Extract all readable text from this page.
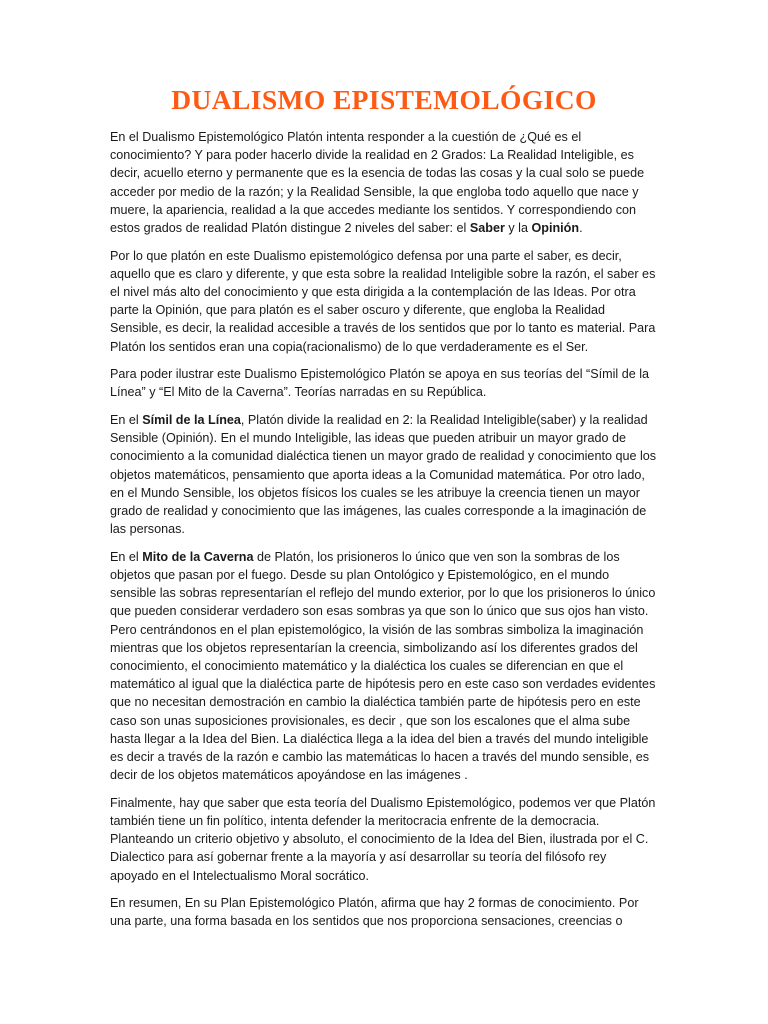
DUALISMO EPISTEMOLÓGICO

En el Dualismo Epistemológico Platón intenta responder a la cuestión de ¿Qué es el conocimiento? Y para poder hacerlo divide la realidad en 2 Grados: La Realidad Inteligible, es decir, acuello eterno y permanente que es la esencia de todas las cosas y la cual solo se puede acceder por medio de la razón; y la Realidad Sensible, la que engloba todo aquello que nace y muere, la apariencia, realidad a la que accedes mediante los sentidos. Y correspondiendo con estos grados de realidad Platón distingue 2 niveles del saber: el Saber y la Opinión.

Por lo que platón en este Dualismo epistemológico defensa por una parte el saber, es decir, aquello que es claro y diferente, y que esta sobre la realidad Inteligible sobre la razón, el saber es el nivel más alto del conocimiento y que esta dirigida a la contemplación de las Ideas. Por otra parte la Opinión, que para platón es el saber oscuro y diferente, que engloba la Realidad Sensible, es decir, la realidad accesible a través de los sentidos que por lo tanto es material. Para Platón los sentidos eran una copia(racionalismo) de lo que verdaderamente es el Ser.

Para poder ilustrar este Dualismo Epistemológico Platón se apoya en sus teorías del “Símil de la Línea” y “El Mito de la Caverna”. Teorías narradas en su República.

En el Símil de la Línea, Platón divide la realidad en 2: la Realidad Inteligible(saber) y la realidad Sensible (Opinión). En el mundo Inteligible, las ideas que pueden atribuir un mayor grado de conocimiento a la comunidad dialéctica tienen un mayor grado de realidad y conocimiento que los objetos matemáticos, pensamiento que aporta ideas a la Comunidad matemática. Por otro lado, en el Mundo Sensible, los objetos físicos los cuales se les atribuye la creencia tienen un mayor grado de realidad y conocimiento que las imágenes, las cuales corresponde a la imaginación de las personas.

En el Mito de la Caverna de Platón, los prisioneros lo único que ven son la sombras de los objetos que pasan por el fuego. Desde su plan Ontológico y Epistemológico, en el mundo sensible las sobras representarían el reflejo del mundo exterior, por lo que los prisioneros lo único que pueden considerar verdadero son esas sombras ya que son lo único que sus ojos han visto. Pero centrándonos en el plan epistemológico, la visión de las sombras simboliza la imaginación mientras que los objetos representarían la creencia, simbolizando así los diferentes grados del conocimiento, el conocimiento matemático y la dialéctica los cuales se diferencian en que el matemático al igual que la dialéctica parte de hipótesis pero en este caso son verdades evidentes que no necesitan demostración en cambio la dialéctica también parte de hipótesis pero en este caso son unas suposiciones provisionales, es decir , que son los escalones que el alma sube hasta llegar a la Idea del Bien. La dialéctica llega a la idea del bien a través del mundo inteligible es decir a través de la razón e cambio las matemáticas lo hacen a través del mundo sensible, es decir de los objetos matemáticos apoyándose en las imágenes .

Finalmente, hay que saber que esta teoría del Dualismo Epistemológico, podemos ver que Platón también tiene un fin político, intenta defender la meritocracia enfrente de la democracia. Planteando un criterio objetivo y absoluto, el conocimiento de la Idea del Bien, ilustrada por el C. Dialectico para así gobernar frente a la mayoría y así desarrollar su teoría del filósofo rey apoyado en el Intelectualismo Moral socrático.

En resumen, En su Plan Epistemológico Platón, afirma que hay 2 formas de conocimiento. Por una parte, una forma basada en los sentidos que nos proporciona sensaciones, creencias o
